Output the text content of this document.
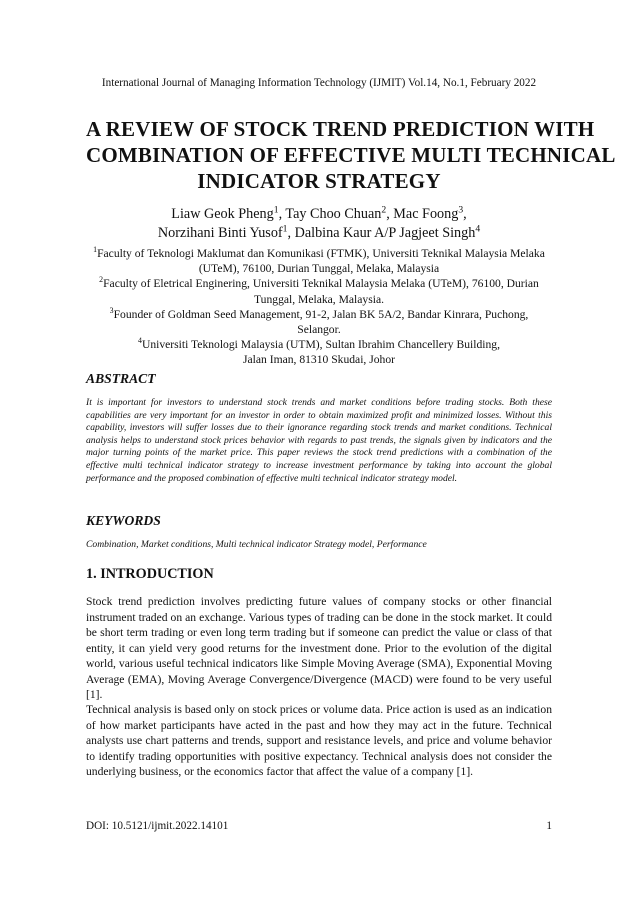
International Journal of Managing Information Technology (IJMIT) Vol.14, No.1, February 2022
A REVIEW OF STOCK TREND PREDICTION WITH
COMBINATION OF EFFECTIVE MULTI TECHNICAL
INDICATOR STRATEGY
Liaw Geok Pheng$^1$, Tay Choo Chuan$^2$, Mac Foong$^3$,
Norzihani Binti Yusof$^1$, Dalbina Kaur A/P Jagjeet Singh$^4$
$^1$Faculty of Teknologi Maklumat dan Komunikasi (FTMK), Universiti Teknikal Malaysia Melaka
(UTeM), 76100, Durian Tunggal, Melaka, Malaysia
$^2$Faculty of Eletrical Enginering, Universiti Teknikal Malaysia Melaka (UTeM), 76100, Durian
Tunggal, Melaka, Malaysia.
$^3$Founder of Goldman Seed Management, 91-2, Jalan BK 5A/2, Bandar Kinrara, Puchong,
Selangor.
$^4$Universiti Teknologi Malaysia (UTM), Sultan Ibrahim Chancellery Building,
Jalan Iman, 81310 Skudai, Johor
ABSTRACT
It is important for investors to understand stock trends and market conditions before trading stocks. Both these capabilities are very important for an investor in order to obtain maximized profit and minimized losses. Without this capability, investors will suffer losses due to their ignorance regarding stock trends and market conditions. Technical analysis helps to understand stock prices behavior with regards to past trends, the signals given by indicators and the major turning points of the market price. This paper reviews the stock trend predictions with a combination of the effective multi technical indicator strategy to increase investment performance by taking into account the global performance and the proposed combination of effective multi technical indicator strategy model.
KEYWORDS
Combination, Market conditions, Multi technical indicator Strategy model, Performance
1. INTRODUCTION
Stock trend prediction involves predicting future values of company stocks or other financial instrument traded on an exchange. Various types of trading can be done in the stock market. It could be short term trading or even long term trading but if someone can predict the value or class of that entity, it can yield very good returns for the investment done. Prior to the evolution of the digital world, various useful technical indicators like Simple Moving Average (SMA), Exponential Moving Average (EMA), Moving Average Convergence/Divergence (MACD) were found to be very useful [1].
Technical analysis is based only on stock prices or volume data. Price action is used as an indication of how market participants have acted in the past and how they may act in the future. Technical analysts use chart patterns and trends, support and resistance levels, and price and volume behavior to identify trading opportunities with positive expectancy. Technical analysis does not consider the underlying business, or the economics factor that affect the value of a company [1].
DOI: 10.5121/ijmit.2022.14101	1
